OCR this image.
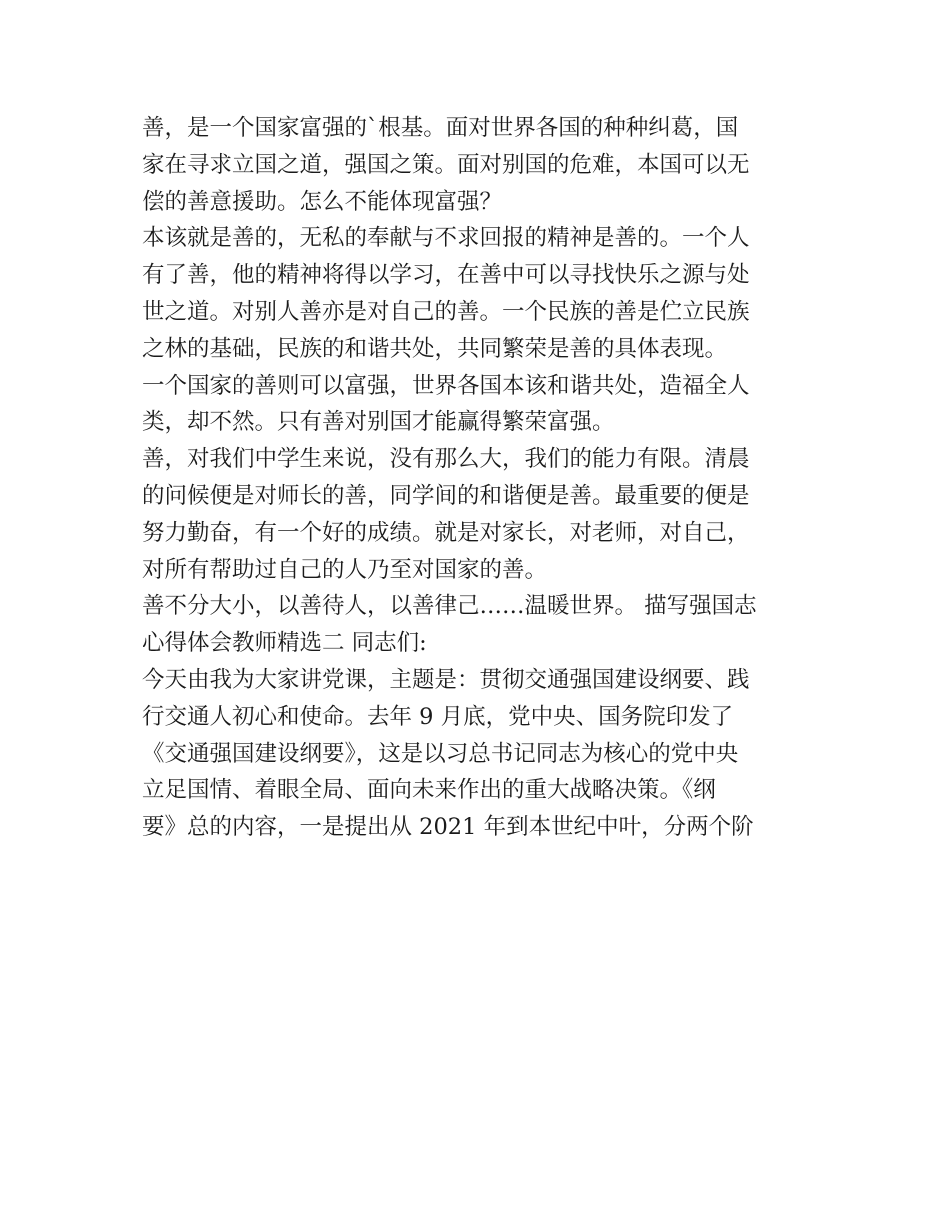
善，是一个国家富强的`根基。面对世界各国的种种纠葛，国
家在寻求立国之道，强国之策。面对别国的危难，本国可以无
偿的善意援助。怎么不能体现富强？
本该就是善的，无私的奉献与不求回报的精神是善的。一个人
有了善，他的精神将得以学习，在善中可以寻找快乐之源与处
世之道。对别人善亦是对自己的善。一个民族的善是伫立民族
之林的基础，民族的和谐共处，共同繁荣是善的具体表现。
一个国家的善则可以富强，世界各国本该和谐共处，造福全人
类，却不然。只有善对别国才能赢得繁荣富强。
善，对我们中学生来说，没有那么大，我们的能力有限。清晨
的问候便是对师长的善，同学间的和谐便是善。最重要的便是
努力勤奋，有一个好的成绩。就是对家长，对老师，对自己，
对所有帮助过自己的人乃至对国家的善。
善不分大小，以善待人，以善律己……温暖世界。 描写强国志
心得体会教师精选二 同志们:
今天由我为大家讲党课，主题是：贯彻交通强国建设纲要、践
行交通人初心和使命。去年 9 月底，党中央、国务院印发了
《交通强国建设纲要》，这是以习总书记同志为核心的党中央
立足国情、着眼全局、面向未来作出的重大战略决策。《纲
要》总的内容，一是提出从 2021 年到本世纪中叶，分两个阶
